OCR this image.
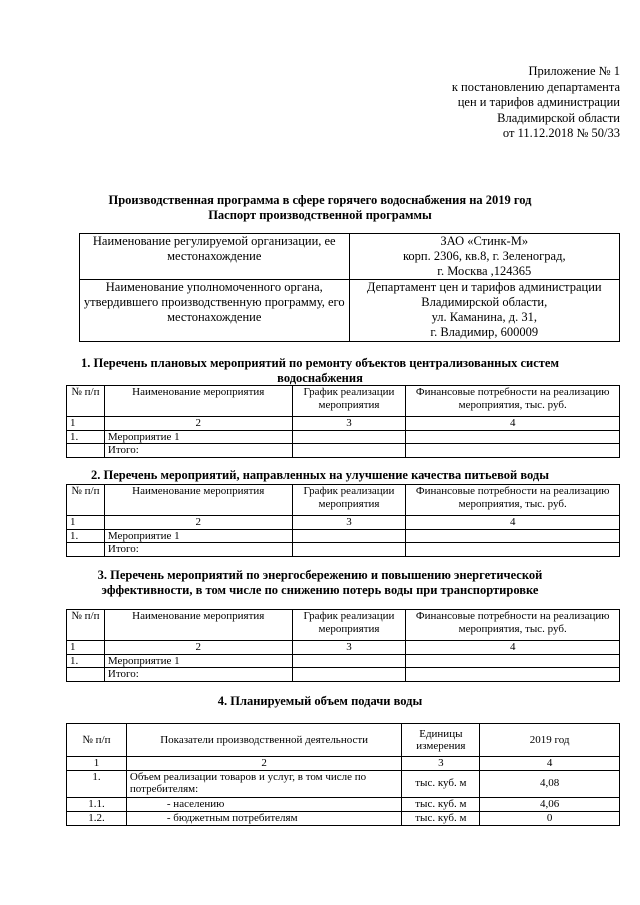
Приложение № 1
к постановлению департамента
цен и тарифов администрации
Владимирской области
от 11.12.2018 № 50/33
Производственная программа в сфере горячего водоснабжения на 2019 год
Паспорт производственной программы
Наименование регулируемой организации, ее местонахождение	ЗАО «Стинк-М»
корп. 2306, кв.8, г. Зеленоград,
г. Москва ,124365

Наименование уполномоченного органа, утвердившего производственную программу, его местонахождение	Департамент цен и тарифов администрации
Владимирской области,
ул. Каманина, д. 31,
г. Владимир, 600009
1. Перечень плановых мероприятий по ремонту объектов централизованных систем
водоснабжения
№ п/п	Наименование мероприятия	График реализации мероприятия	Финансовые потребности на реализацию мероприятия, тыс. руб.
1	2	3	4
1.	Мероприятие 1		
	Итого:		
2. Перечень мероприятий, направленных на улучшение качества питьевой воды
№ п/п	Наименование мероприятия	График реализации мероприятия	Финансовые потребности на реализацию мероприятия, тыс. руб.
1	2	3	4
1.	Мероприятие 1		
	Итого:		
3. Перечень мероприятий по энергосбережению и повышению энергетической
эффективности, в том числе по снижению потерь воды при транспортировке
№ п/п	Наименование мероприятия	График реализации мероприятия	Финансовые потребности на реализацию мероприятия, тыс. руб.
1	2	3	4
1.	Мероприятие 1		
	Итого:		
4. Планируемый объем подачи воды
№ п/п	Показатели производственной деятельности	Единицы измерения	2019 год
1	2	3	4
1.	Объем реализации товаров и услуг, в том числе по потребителям:	тыс. куб. м	4,08
1.1.	- населению	тыс. куб. м	4,06
1.2.	- бюджетным потребителям	тыс. куб. м	0
